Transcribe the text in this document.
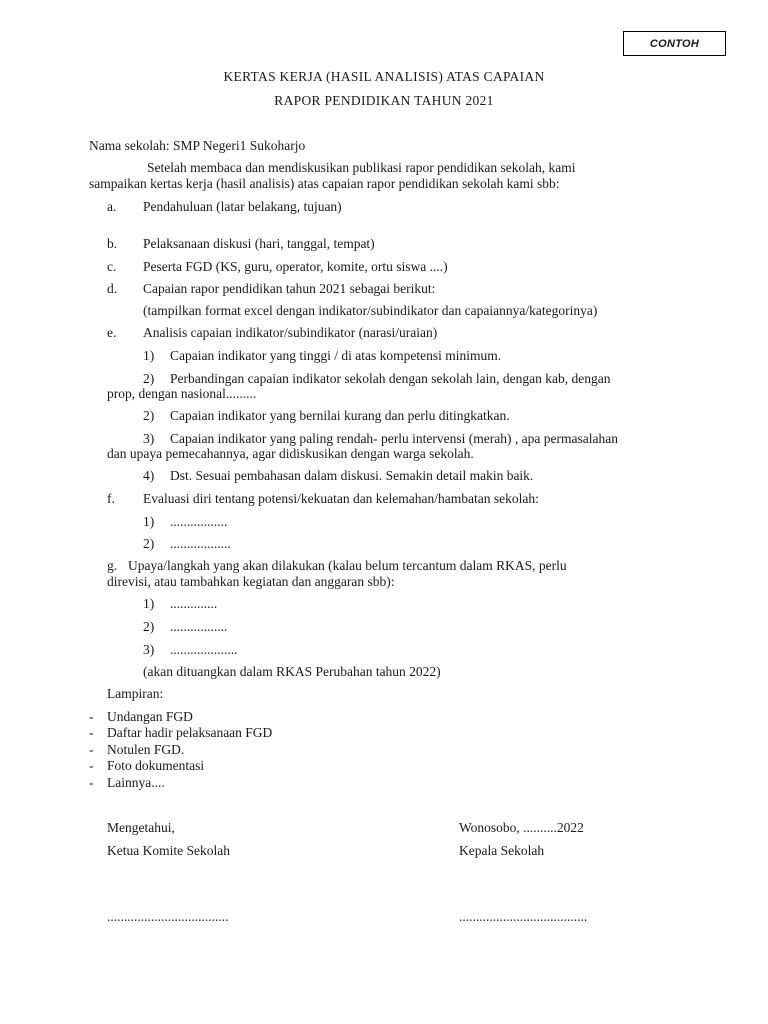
CONTOH
KERTAS KERJA (HASIL ANALISIS) ATAS CAPAIAN
RAPOR PENDIDIKAN TAHUN 2021
Nama sekolah: SMP Negeri1 Sukoharjo
Setelah membaca dan mendiskusikan publikasi rapor pendidikan sekolah, kami
sampaikan kertas kerja (hasil analisis) atas capaian rapor pendidikan sekolah kami sbb:
a. Pendahuluan (latar belakang, tujuan)
b. Pelaksanaan diskusi (hari, tanggal, tempat)
c. Peserta FGD (KS, guru, operator, komite, ortu siswa ....)
d. Capaian rapor pendidikan tahun 2021 sebagai berikut:
(tampilkan format excel dengan indikator/subindikator dan capaiannya/kategorinya)
e. Analisis capaian indikator/subindikator (narasi/uraian)
1) Capaian indikator yang tinggi / di atas kompetensi minimum.
2) Perbandingan capaian indikator sekolah dengan sekolah lain, dengan kab, dengan
prop, dengan nasional.........
2) Capaian indikator yang bernilai kurang dan perlu ditingkatkan.
3) Capaian indikator yang paling rendah- perlu intervensi (merah) , apa permasalahan
dan upaya pemecahannya, agar didiskusikan dengan warga sekolah.
4) Dst. Sesuai pembahasan dalam diskusi. Semakin detail makin baik.
f. Evaluasi diri tentang potensi/kekuatan dan kelemahan/hambatan sekolah:
1) .................
2) ..................
g. Upaya/langkah yang akan dilakukan (kalau belum tercantum dalam RKAS, perlu
direvisi, atau tambahkan kegiatan dan anggaran sbb):
1) ..............
2) .................
3) ....................
(akan dituangkan dalam RKAS Perubahan tahun 2022)
Lampiran:
- Undangan FGD
- Daftar hadir pelaksanaan FGD
- Notulen FGD.
- Foto dokumentasi
- Lainnya....
Mengetahui,
Ketua Komite Sekolah
....................................
Wonosobo, ..........2022
Kepala Sekolah
......................................
